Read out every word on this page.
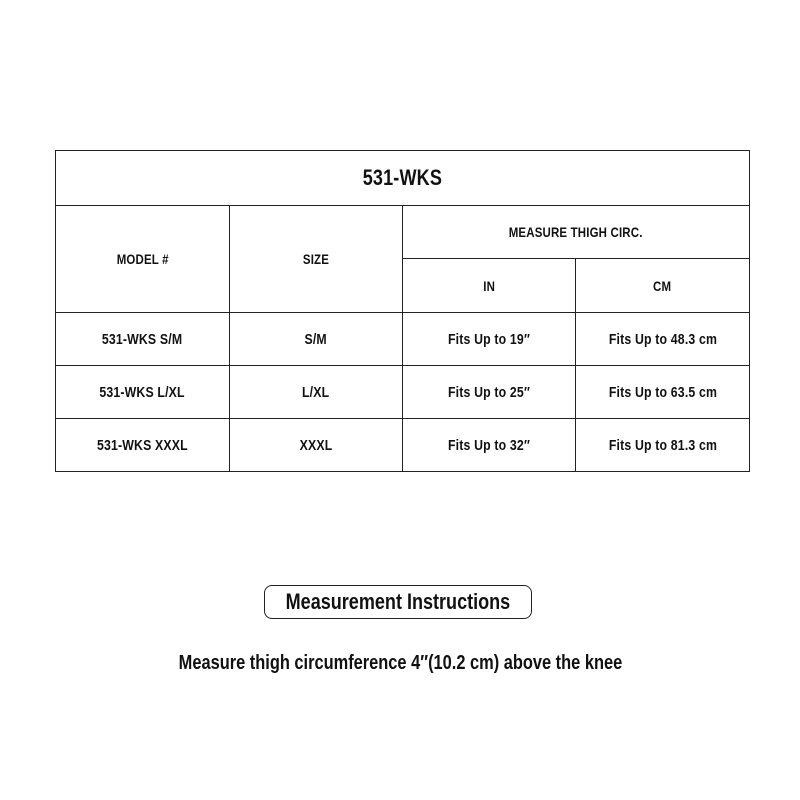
531-WKS			
MODEL #	SIZE	MEASURE THIGH CIRC.	
		IN	CM
531-WKS S/M	S/M	Fits Up to 19″	Fits Up to 48.3 cm
531-WKS L/XL	L/XL	Fits Up to 25″	Fits Up to 63.5 cm
531-WKS XXXL	XXXL	Fits Up to 32″	Fits Up to 81.3 cm
Measurement Instructions
Measure thigh circumference 4″(10.2 cm) above the knee
